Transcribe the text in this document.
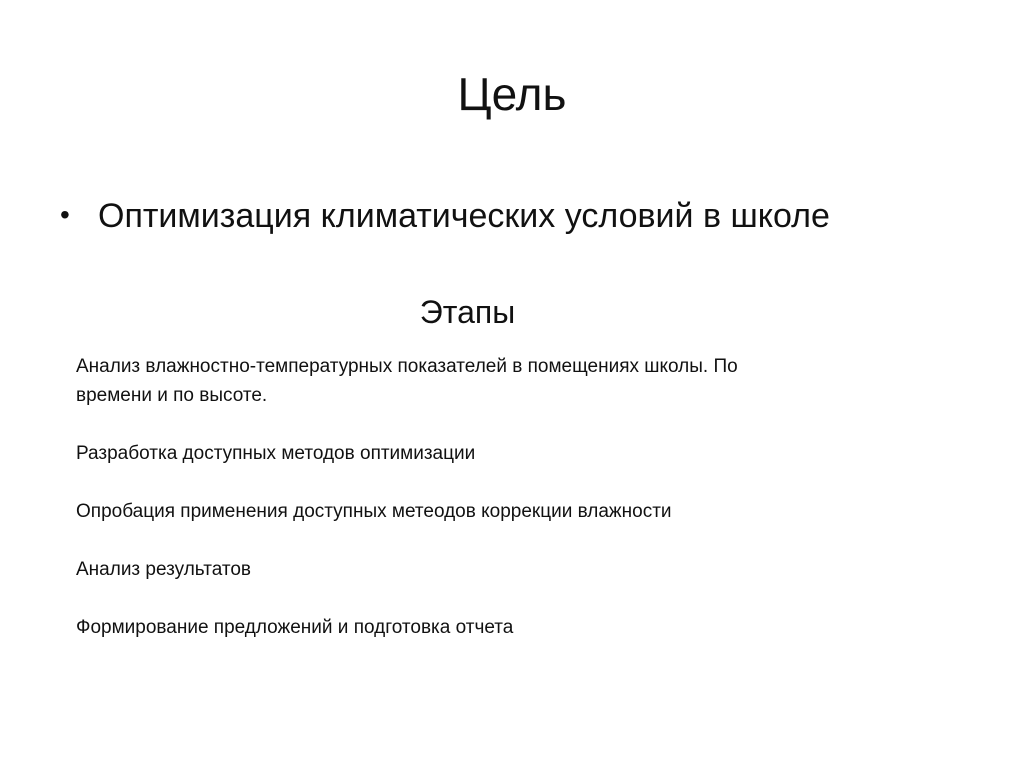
Цель
• Оптимизация климатических условий в школе
Этапы
Анализ влажностно-температурных показателей в помещениях школы. По времени и по высоте.
Разработка доступных методов оптимизации
Опробация применения доступных метеодов коррекции влажности
Анализ результатов
Формирование предложений и подготовка отчета
